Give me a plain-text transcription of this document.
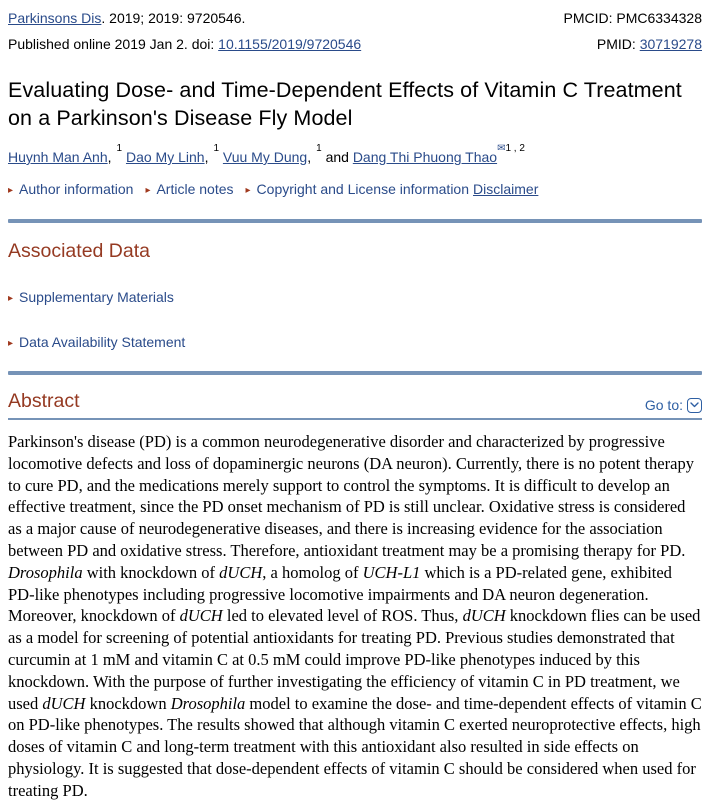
Parkinsons Dis. 2019; 2019: 9720546.	PMCID: PMC6334328
Published online 2019 Jan 2. doi: 10.1155/2019/9720546	PMID: 30719278
Evaluating Dose- and Time-Dependent Effects of Vitamin C Treatment on a Parkinson's Disease Fly Model
Huynh Man Anh,$^1$ Dao My Linh,$^1$ Vuu My Dung,$^1$ and Dang Thi Phuong Thao$^{✉1 , 2}$
▸ Author information ▸ Article notes ▸ Copyright and License information Disclaimer
Associated Data
▸ Supplementary Materials
▸ Data Availability Statement
Abstract	Go to:

Parkinson's disease (PD) is a common neurodegenerative disorder and characterized by progressive locomotive defects and loss of dopaminergic neurons (DA neuron). Currently, there is no potent therapy to cure PD, and the medications merely support to control the symptoms. It is difficult to develop an effective treatment, since the PD onset mechanism of PD is still unclear. Oxidative stress is considered as a major cause of neurodegenerative diseases, and there is increasing evidence for the association between PD and oxidative stress. Therefore, antioxidant treatment may be a promising therapy for PD. Drosophila with knockdown of dUCH, a homolog of UCH-L1 which is a PD-related gene, exhibited PD-like phenotypes including progressive locomotive impairments and DA neuron degeneration. Moreover, knockdown of dUCH led to elevated level of ROS. Thus, dUCH knockdown flies can be used as a model for screening of potential antioxidants for treating PD. Previous studies demonstrated that curcumin at 1 mM and vitamin C at 0.5 mM could improve PD-like phenotypes induced by this knockdown. With the purpose of further investigating the efficiency of vitamin C in PD treatment, we used dUCH knockdown Drosophila model to examine the dose- and time-dependent effects of vitamin C on PD-like phenotypes. The results showed that although vitamin C exerted neuroprotective effects, high doses of vitamin C and long-term treatment with this antioxidant also resulted in side effects on physiology. It is suggested that dose-dependent effects of vitamin C should be considered when used for treating PD.
